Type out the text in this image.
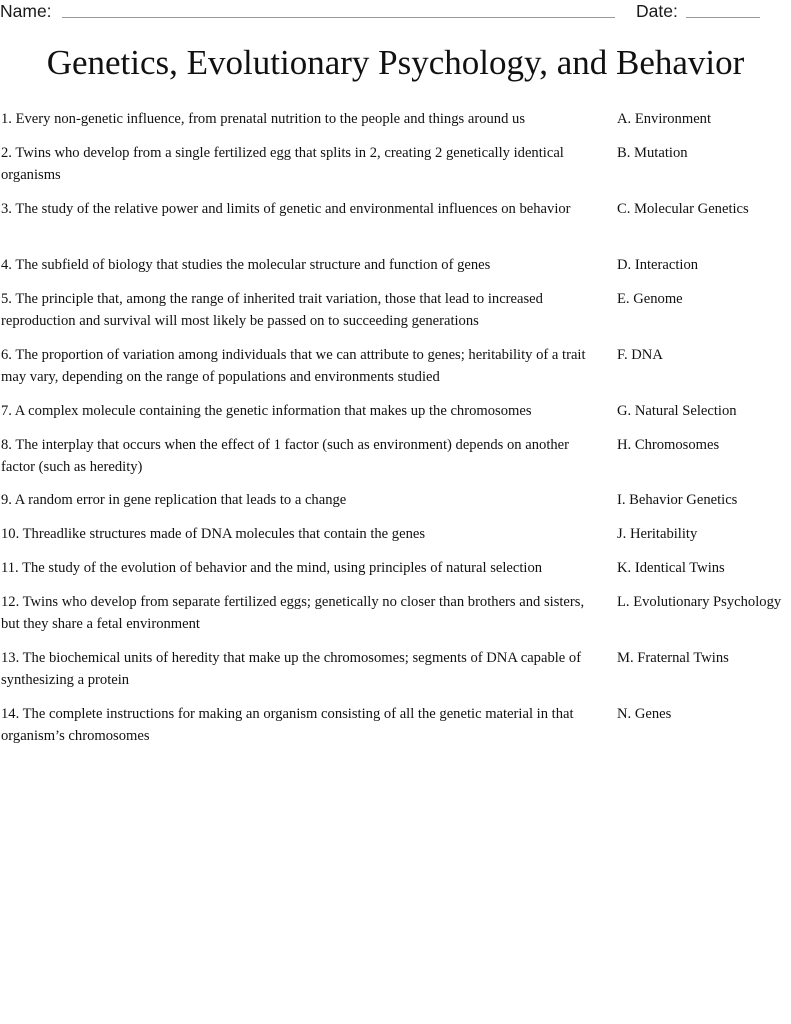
Name:	Date:
Genetics, Evolutionary Psychology, and Behavior
1. Every non-genetic influence, from prenatal nutrition to the people and things around us	A. Environment
2. Twins who develop from a single fertilized egg that splits in 2, creating 2 genetically identical organisms
B. Mutation
3. The study of the relative power and limits of genetic and environmental influences on behavior	C. Molecular Genetics
4. The subfield of biology that studies the molecular structure and function of genes	D. Interaction
5. The principle that, among the range of inherited trait variation, those that lead to increased reproduction and survival will most likely be passed on to succeeding generations
E. Genome
6. The proportion of variation among individuals that we can attribute to genes; heritability of a trait may vary, depending on the range of populations and environments studied
F. DNA
7. A complex molecule containing the genetic information that makes up the chromosomes	G. Natural Selection
8. The interplay that occurs when the effect of 1 factor (such as environment) depends on another factor (such as heredity)
H. Chromosomes
9. A random error in gene replication that leads to a change	I. Behavior Genetics
10. Threadlike structures made of DNA molecules that contain the genes	J. Heritability
11. The study of the evolution of behavior and the mind, using principles of natural selection	K. Identical Twins
12. Twins who develop from separate fertilized eggs; genetically no closer than brothers and sisters, but they share a fetal environment
L. Evolutionary Psychology
13. The biochemical units of heredity that make up the chromosomes; segments of DNA capable of synthesizing a protein
M. Fraternal Twins
14. The complete instructions for making an organism consisting of all the genetic material in that organism’s chromosomes
N. Genes
